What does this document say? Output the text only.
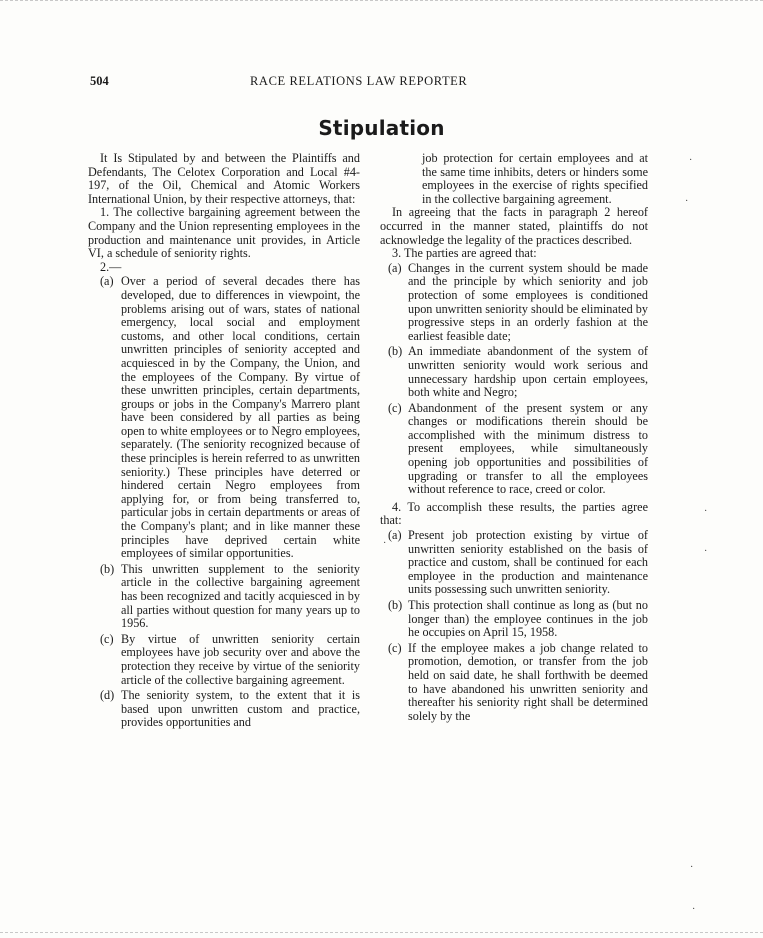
504	RACE RELATIONS LAW REPORTER
Stipulation

It Is Stipulated by and between the Plaintiffs and Defendants, The Celotex Corporation and Local #4-197, of the Oil, Chemical and Atomic Workers International Union, by their respective attorneys, that:

1. The collective bargaining agreement between the Company and the Union representing employees in the production and maintenance unit provides, in Article VI, a schedule of seniority rights.

2.—

(a) Over a period of several decades there has developed, due to differences in viewpoint, the problems arising out of wars, states of national emergency, local social and employment customs, and other local conditions, certain unwritten principles of seniority accepted and acquiesced in by the Company, the Union, and the employees of the Company. By virtue of these unwritten principles, certain departments, groups or jobs in the Company's Marrero plant have been considered by all parties as being open to white employees or to Negro employees, separately. (The seniority recognized because of these principles is herein referred to as unwritten seniority.) These principles have deterred or hindered certain Negro employees from applying for, or from being transferred to, particular jobs in certain departments or areas of the Company's plant; and in like manner these principles have deprived certain white employees of similar opportunities.

(b) This unwritten supplement to the seniority article in the collective bargaining agreement has been recognized and tacitly acquiesced in by all parties without question for many years up to 1956.

(c) By virtue of unwritten seniority certain employees have job security over and above the protection they receive by virtue of the seniority article of the collective bargaining agreement.

(d) The seniority system, to the extent that it is based upon unwritten custom and practice, provides opportunities and

job protection for certain employees and at the same time inhibits, deters or hinders some employees in the exercise of rights specified in the collective bargaining agreement.

In agreeing that the facts in paragraph 2 hereof occurred in the manner stated, plaintiffs do not acknowledge the legality of the practices described.

3. The parties are agreed that:

(a) Changes in the current system should be made and the principle by which seniority and job protection of some employees is conditioned upon unwritten seniority should be eliminated by progressive steps in an orderly fashion at the earliest feasible date;

(b) An immediate abandonment of the system of unwritten seniority would work serious and unnecessary hardship upon certain employees, both white and Negro;

(c) Abandonment of the present system or any changes or modifications therein should be accomplished with the minimum distress to present employees, while simultaneously opening job opportunities and possibilities of upgrading or transfer to all the employees without reference to race, creed or color.

4. To accomplish these results, the parties agree that:

(a) Present job protection existing by virtue of unwritten seniority established on the basis of practice and custom, shall be continued for each employee in the production and maintenance units possessing such unwritten seniority.

(b) This protection shall continue as long as (but no longer than) the employee continues in the job he occupies on April 15, 1958.

(c) If the employee makes a job change related to promotion, demotion, or transfer from the job held on said date, he shall forthwith be deemed to have abandoned his unwritten seniority and thereafter his seniority right shall be determined solely by the

·
·
·
·
·
·
·
